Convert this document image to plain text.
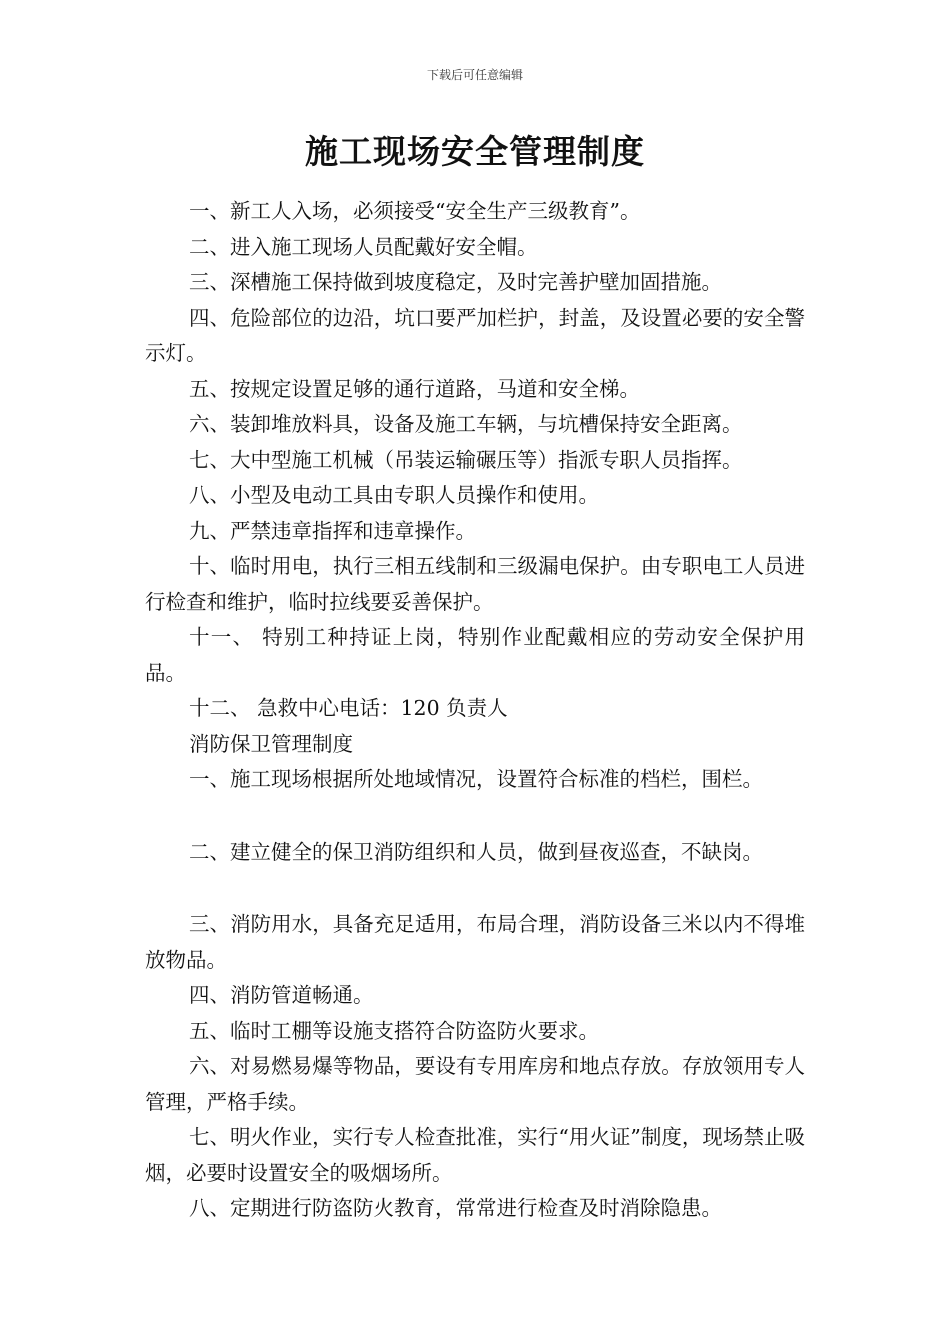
下载后可任意编辑
施工现场安全管理制度

一、新工人入场，必须接受“安全生产三级教育”。

二、进入施工现场人员配戴好安全帽。

三、深槽施工保持做到坡度稳定，及时完善护壁加固措施。

四、危险部位的边沿，坑口要严加栏护，封盖，及设置必要的安全警示灯。

五、按规定设置足够的通行道路，马道和安全梯。

六、装卸堆放料具，设备及施工车辆，与坑槽保持安全距离。

七、大中型施工机械（吊装运输碾压等）指派专职人员指挥。

八、小型及电动工具由专职人员操作和使用。

九、严禁违章指挥和违章操作。

十、临时用电，执行三相五线制和三级漏电保护。由专职电工人员进行检查和维护，临时拉线要妥善保护。

十一、 特别工种持证上岗，特别作业配戴相应的劳动安全保护用品。

十二、 急救中心电话：120 负责人

消防保卫管理制度

一、施工现场根据所处地域情况，设置符合标准的档栏，围栏。

二、建立健全的保卫消防组织和人员，做到昼夜巡查，不缺岗。

三、消防用水，具备充足适用，布局合理，消防设备三米以内不得堆放物品。

四、消防管道畅通。

五、临时工棚等设施支搭符合防盗防火要求。

六、对易燃易爆等物品，要设有专用库房和地点存放。存放领用专人管理，严格手续。

七、明火作业，实行专人检查批准，实行“用火证”制度，现场禁止吸烟，必要时设置安全的吸烟场所。

八、定期进行防盗防火教育，常常进行检查及时消除隐患。
